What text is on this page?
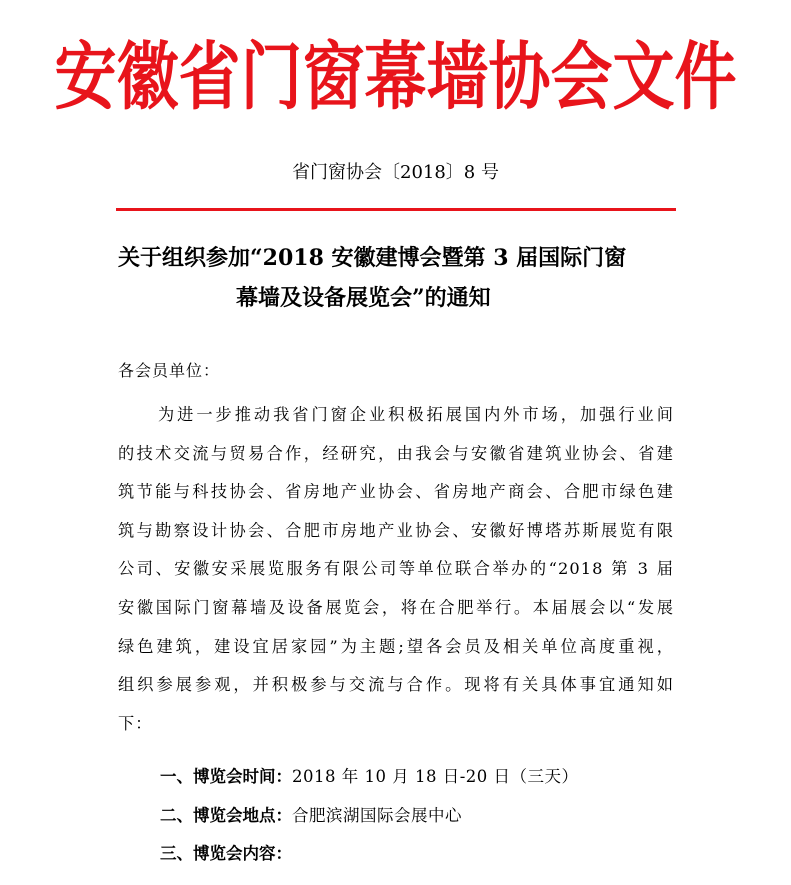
安徽省门窗幕墙协会文件
省门窗协会〔2018〕8 号
关于组织参加“2018 安徽建博会暨第 3 届国际门窗
幕墙及设备展览会”的通知
各会员单位：
为进一步推动我省门窗企业积极拓展国内外市场，加强行业间
的技术交流与贸易合作，经研究，由我会与安徽省建筑业协会、省建
筑节能与科技协会、省房地产业协会、省房地产商会、合肥市绿色建
筑与勘察设计协会、合肥市房地产业协会、安徽好博塔苏斯展览有限
公司、安徽安采展览服务有限公司等单位联合举办的“2018 第 3 届
安徽国际门窗幕墙及设备展览会，将在合肥举行。本届展会以“发展
绿色建筑，建设宜居家园”为主题;望各会员及相关单位高度重视，
组织参展参观，并积极参与交流与合作。现将有关具体事宜通知如
下：
一、博览会时间：2018 年 10 月 18 日-20 日（三天）
二、博览会地点：合肥滨湖国际会展中心
三、博览会内容：
